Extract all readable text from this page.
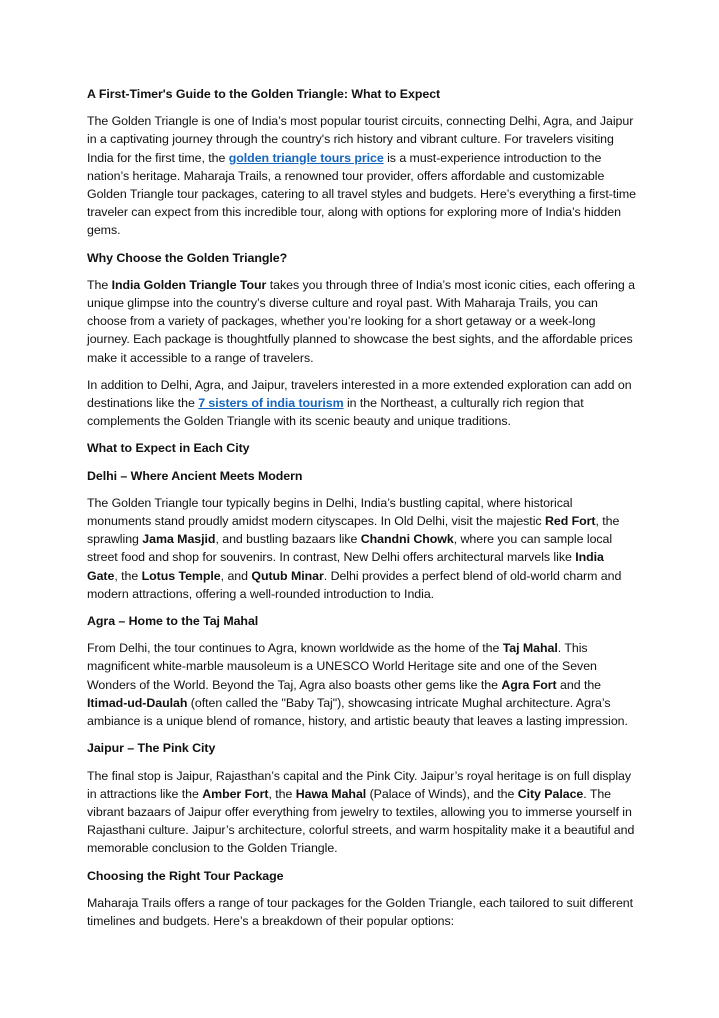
A First-Timer's Guide to the Golden Triangle: What to Expect

The Golden Triangle is one of India’s most popular tourist circuits, connecting Delhi, Agra, and Jaipur in a captivating journey through the country's rich history and vibrant culture. For travelers visiting India for the first time, the golden triangle tours price is a must-experience introduction to the nation’s heritage. Maharaja Trails, a renowned tour provider, offers affordable and customizable Golden Triangle tour packages, catering to all travel styles and budgets. Here’s everything a first-time traveler can expect from this incredible tour, along with options for exploring more of India’s hidden gems.

Why Choose the Golden Triangle?

The India Golden Triangle Tour takes you through three of India’s most iconic cities, each offering a unique glimpse into the country’s diverse culture and royal past. With Maharaja Trails, you can choose from a variety of packages, whether you’re looking for a short getaway or a week-long journey. Each package is thoughtfully planned to showcase the best sights, and the affordable prices make it accessible to a range of travelers.

In addition to Delhi, Agra, and Jaipur, travelers interested in a more extended exploration can add on destinations like the 7 sisters of india tourism in the Northeast, a culturally rich region that complements the Golden Triangle with its scenic beauty and unique traditions.

What to Expect in Each City

Delhi – Where Ancient Meets Modern

The Golden Triangle tour typically begins in Delhi, India’s bustling capital, where historical monuments stand proudly amidst modern cityscapes. In Old Delhi, visit the majestic Red Fort, the sprawling Jama Masjid, and bustling bazaars like Chandni Chowk, where you can sample local street food and shop for souvenirs. In contrast, New Delhi offers architectural marvels like India Gate, the Lotus Temple, and Qutub Minar. Delhi provides a perfect blend of old-world charm and modern attractions, offering a well-rounded introduction to India.

Agra – Home to the Taj Mahal

From Delhi, the tour continues to Agra, known worldwide as the home of the Taj Mahal. This magnificent white-marble mausoleum is a UNESCO World Heritage site and one of the Seven Wonders of the World. Beyond the Taj, Agra also boasts other gems like the Agra Fort and the Itimad-ud-Daulah (often called the "Baby Taj"), showcasing intricate Mughal architecture. Agra’s ambiance is a unique blend of romance, history, and artistic beauty that leaves a lasting impression.

Jaipur – The Pink City

The final stop is Jaipur, Rajasthan’s capital and the Pink City. Jaipur’s royal heritage is on full display in attractions like the Amber Fort, the Hawa Mahal (Palace of Winds), and the City Palace. The vibrant bazaars of Jaipur offer everything from jewelry to textiles, allowing you to immerse yourself in Rajasthani culture. Jaipur’s architecture, colorful streets, and warm hospitality make it a beautiful and memorable conclusion to the Golden Triangle.

Choosing the Right Tour Package

Maharaja Trails offers a range of tour packages for the Golden Triangle, each tailored to suit different timelines and budgets. Here’s a breakdown of their popular options:
